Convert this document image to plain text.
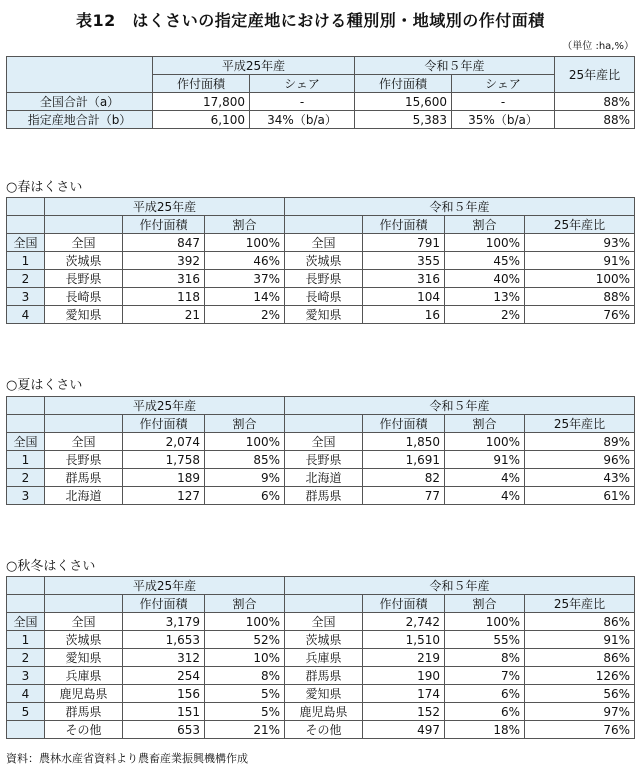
表12　はくさいの指定産地における種別別・地域別の作付面積
（単位 :ha,%）
	平成25年産		令和５年産		25年産比
	作付面積	シェア	作付面積	シェア	
全国合計（a）	17,800	-	15,600	-	88%
指定産地合計（b）	6,100	34%（b/a）	5,383	35%（b/a）	88%
○春はくさい
	平成25年産			令和５年産			
		作付面積	割合		作付面積	割合	25年産比
全国	全国	847	100%	全国	791	100%	93%
1	茨城県	392	46%	茨城県	355	45%	91%
2	長野県	316	37%	長野県	316	40%	100%
3	長崎県	118	14%	長崎県	104	13%	88%
4	愛知県	21	2%	愛知県	16	2%	76%
○夏はくさい
	平成25年産			令和５年産			
		作付面積	割合		作付面積	割合	25年産比
全国	全国	2,074	100%	全国	1,850	100%	89%
1	長野県	1,758	85%	長野県	1,691	91%	96%
2	群馬県	189	9%	北海道	82	4%	43%
3	北海道	127	6%	群馬県	77	4%	61%
○秋冬はくさい
	平成25年産			令和５年産			
		作付面積	割合		作付面積	割合	25年産比
全国	全国	3,179	100%	全国	2,742	100%	86%
1	茨城県	1,653	52%	茨城県	1,510	55%	91%
2	愛知県	312	10%	兵庫県	219	8%	86%
3	兵庫県	254	8%	群馬県	190	7%	126%
4	鹿児島県	156	5%	愛知県	174	6%	56%
5	群馬県	151	5%	鹿児島県	152	6%	97%
	その他	653	21%	その他	497	18%	76%
資料：農林水産省資料より農畜産業振興機構作成
